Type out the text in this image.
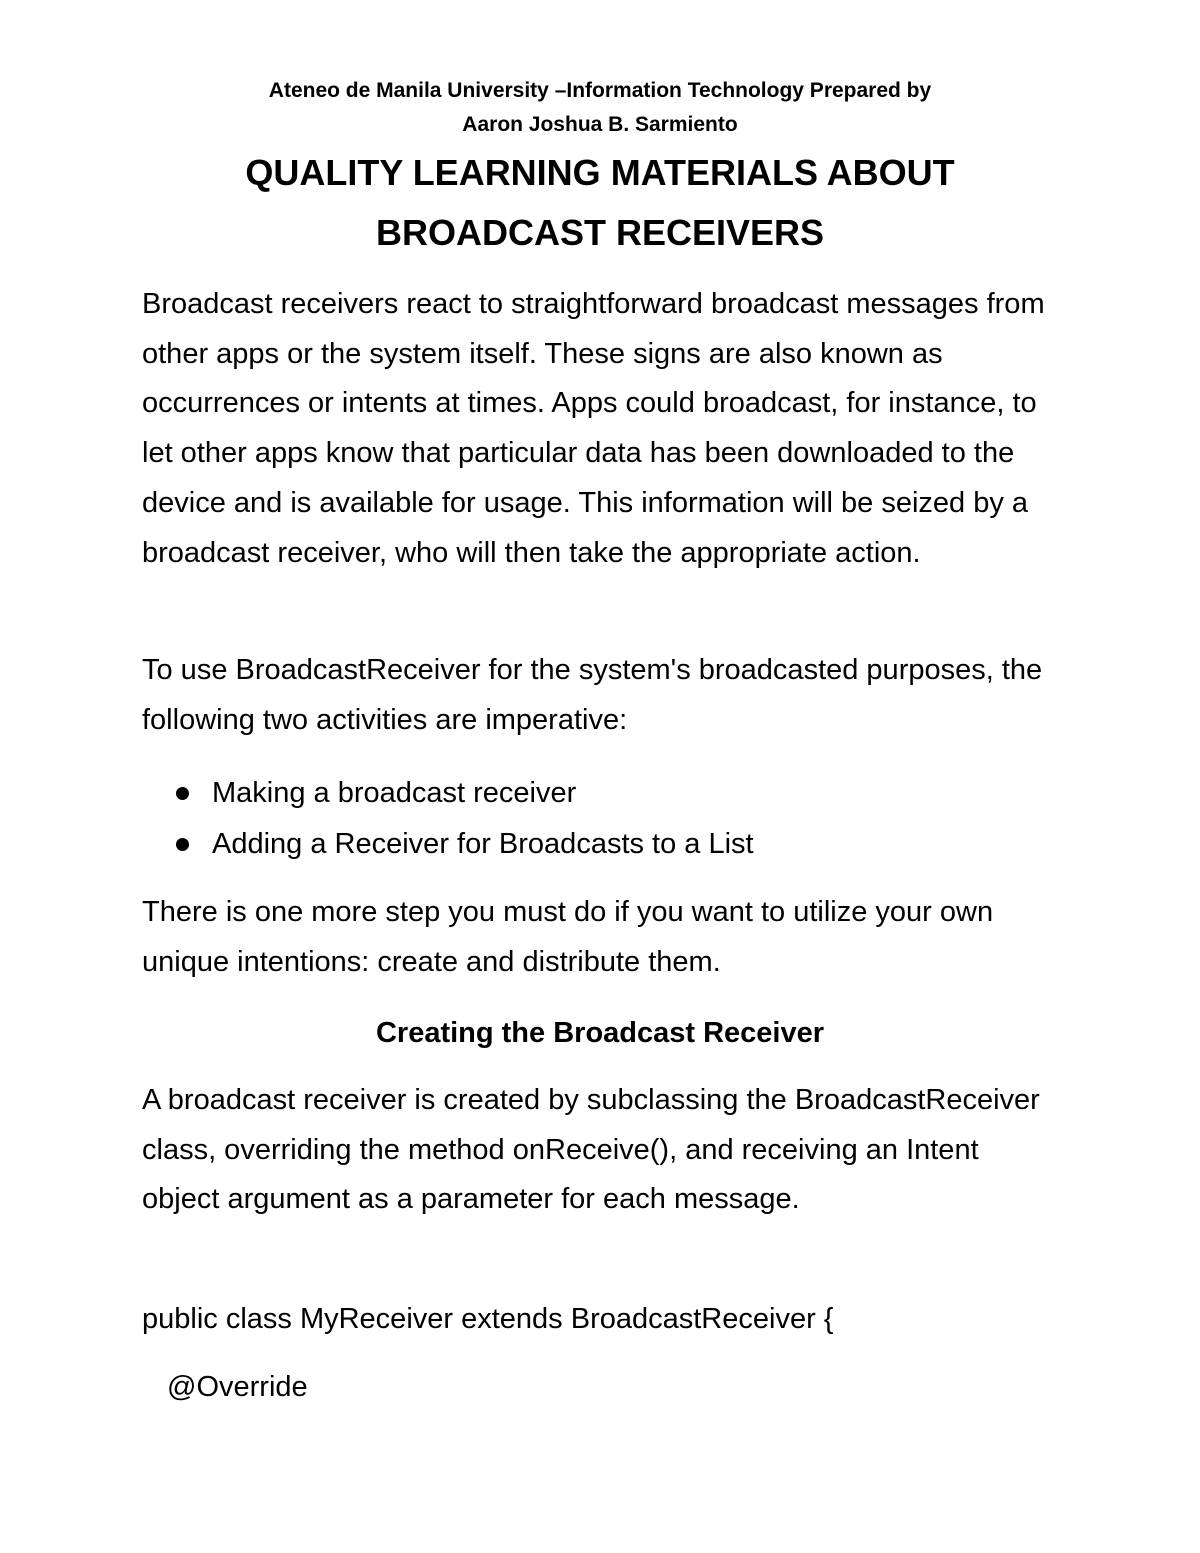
Ateneo de Manila University –Information Technology Prepared by
Aaron Joshua B. Sarmiento
QUALITY LEARNING MATERIALS ABOUT
BROADCAST RECEIVERS

Broadcast receivers react to straightforward broadcast messages from other apps or the system itself. These signs are also known as occurrences or intents at times. Apps could broadcast, for instance, to let other apps know that particular data has been downloaded to the device and is available for usage. This information will be seized by a broadcast receiver, who will then take the appropriate action.

To use BroadcastReceiver for the system's broadcasted purposes, the following two activities are imperative:

Making a broadcast receiver
Adding a Receiver for Broadcasts to a List

There is one more step you must do if you want to utilize your own unique intentions: create and distribute them.

Creating the Broadcast Receiver

A broadcast receiver is created by subclassing the BroadcastReceiver class, overriding the method onReceive(), and receiving an Intent object argument as a parameter for each message.

public class MyReceiver extends BroadcastReceiver {
@Override
